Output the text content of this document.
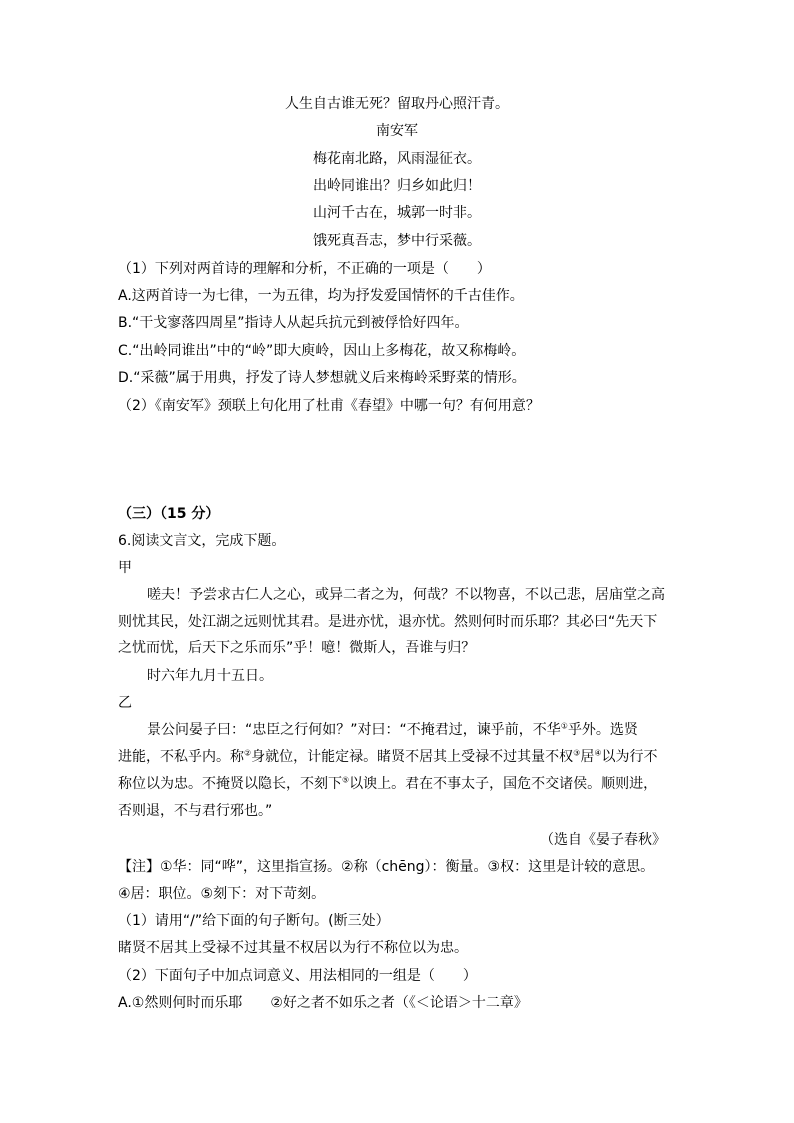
人生自古谁无死？留取丹心照汗青。
南安军
梅花南北路，风雨湿征衣。
出岭同谁出？归乡如此归！
山河千古在，城郭一时非。
饿死真吾志，梦中行采薇。
（1）下列对两首诗的理解和分析，不正确的一项是（　　）
A.这两首诗一为七律，一为五律，均为抒发爱国情怀的千古佳作。
B.“干戈寥落四周星”指诗人从起兵抗元到被俘恰好四年。
C.“出岭同谁出”中的“岭”即大庾岭，因山上多梅花，故又称梅岭。
D.“采薇”属于用典，抒发了诗人梦想就义后来梅岭采野菜的情形。
（2）《南安军》颈联上句化用了杜甫《春望》中哪一句？有何用意？
（三）（15 分）
6.阅读文言文，完成下题。
甲
嗟夫！予尝求古仁人之心，或异二者之为，何哉？不以物喜，不以己悲，居庙堂之高
则忧其民，处江湖之远则忧其君。是进亦忧，退亦忧。然则何时而乐耶？其必曰“先天下
之忧而忧，后天下之乐而乐”乎！噫！微斯人，吾谁与归？
时六年九月十五日。
乙
景公问晏子曰：“忠臣之行何如？”对曰：“不掩君过，谏乎前，不华①乎外。选贤
进能，不私乎内。称②身就位，计能定禄。睹贤不居其上受禄不过其量不权③居④以为行不
称位以为忠。不掩贤以隐长，不刻下⑤以谀上。君在不事太子，国危不交诸侯。顺则进，
否则退，不与君行邪也。”
（选自《晏子春秋》
【注】①华：同“哗”，这里指宣扬。②称（chēng）：衡量。③权：这里是计较的意思。
④居：职位。⑤刻下：对下苛刻。
（1）请用“/”给下面的句子断句。(断三处）
睹贤不居其上受禄不过其量不权居以为行不称位以为忠。
（2）下面句子中加点词意义、用法相同的一组是（　　）
A.①然则何时而乐耶　　②好之者不如乐之者（《＜论语＞十二章》
